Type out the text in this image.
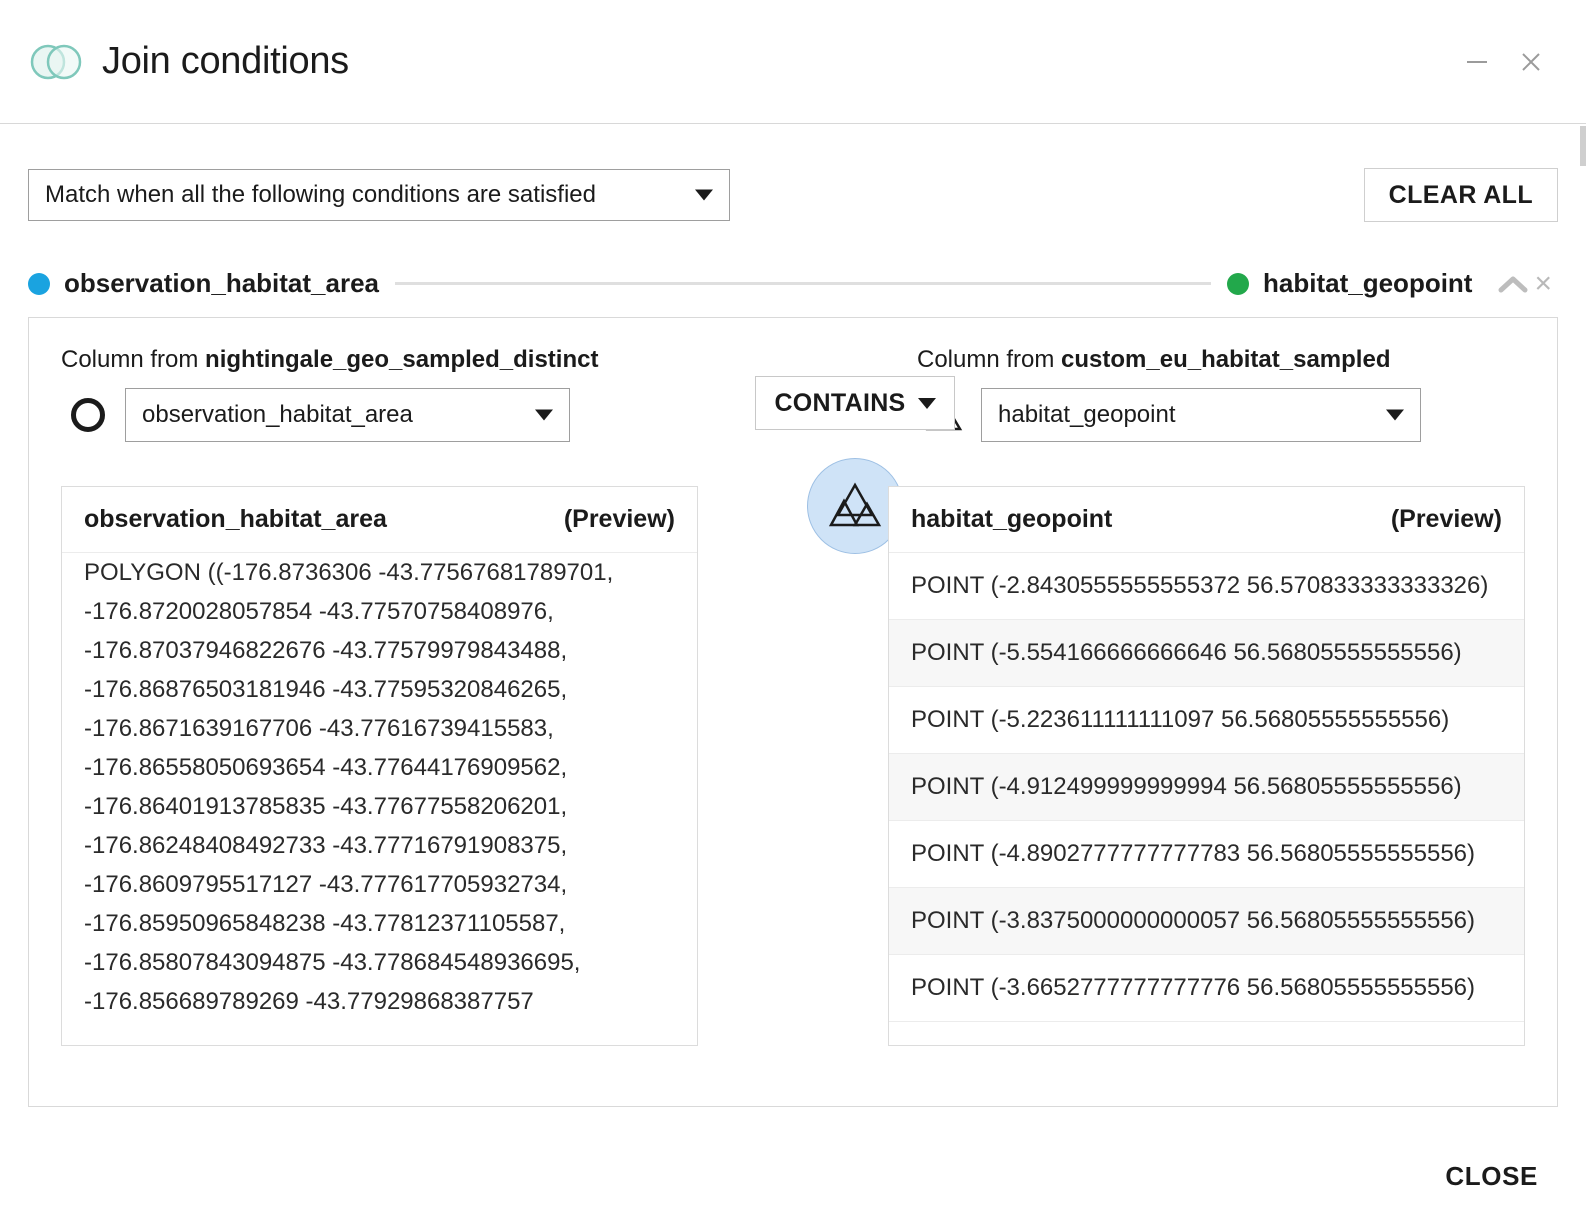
Join conditions
Match when all the following conditions are satisfied	CLEAR ALL
observation_habitat_area	habitat_geopoint ×
Column from nightingale_geo_sampled_distinct
observation_habitat_area
Column from custom_eu_habitat_sampled
habitat_geopoint
CONTAINS
observation_habitat_area	(Preview)
POLYGON ((-176.8736306 -43.77567681789701,
-176.8720028057854 -43.77570758408976,
-176.87037946822676 -43.77579979843488,
-176.86876503181946 -43.77595320846265,
-176.8671639167706 -43.77616739415583,
-176.86558050693654 -43.77644176909562,
-176.86401913785835 -43.77677558206201,
-176.86248408492733 -43.77716791908375,
-176.8609795517127 -43.777617705932734,
-176.85950965848238 -43.77812371105587,
-176.85807843094875 -43.778684548936695,
-176.856689789269 -43.77929868387757
habitat_geopoint	(Preview)
POINT (-2.8430555555555372 56.570833333333326)
POINT (-5.554166666666646 56.56805555555556)
POINT (-5.223611111111097 56.56805555555556)
POINT (-4.912499999999994 56.56805555555556)
POINT (-4.8902777777777783 56.56805555555556)
POINT (-3.8375000000000057 56.56805555555556)
POINT (-3.6652777777777776 56.56805555555556)
CLOSE
